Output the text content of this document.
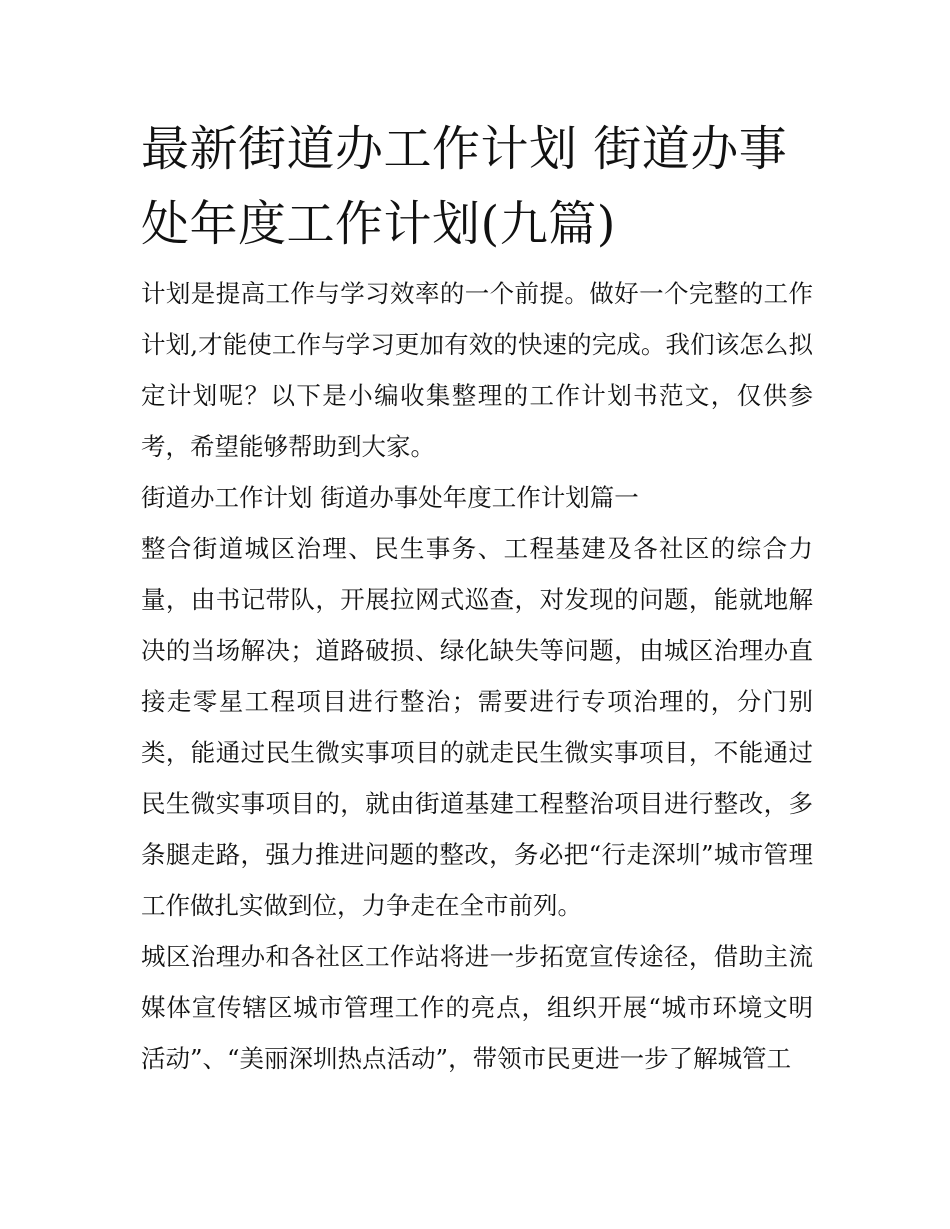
最新街道办工作计划 街道办事处年度工作计划(九篇)

计划是提高工作与学习效率的一个前提。做好一个完整的工作计划,才能使工作与学习更加有效的快速的完成。我们该怎么拟定计划呢？以下是小编收集整理的工作计划书范文，仅供参考，希望能够帮助到大家。

街道办工作计划 街道办事处年度工作计划篇一

整合街道城区治理、民生事务、工程基建及各社区的综合力量，由书记带队，开展拉网式巡查，对发现的问题，能就地解决的当场解决；道路破损、绿化缺失等问题，由城区治理办直接走零星工程项目进行整治；需要进行专项治理的，分门别类，能通过民生微实事项目的就走民生微实事项目，不能通过民生微实事项目的，就由街道基建工程整治项目进行整改，多条腿走路，强力推进问题的整改，务必把“行走深圳”城市管理工作做扎实做到位，力争走在全市前列。

城区治理办和各社区工作站将进一步拓宽宣传途径，借助主流媒体宣传辖区城市管理工作的亮点，组织开展“城市环境文明活动”、“美丽深圳热点活动”，带领市民更进一步了解城管工
